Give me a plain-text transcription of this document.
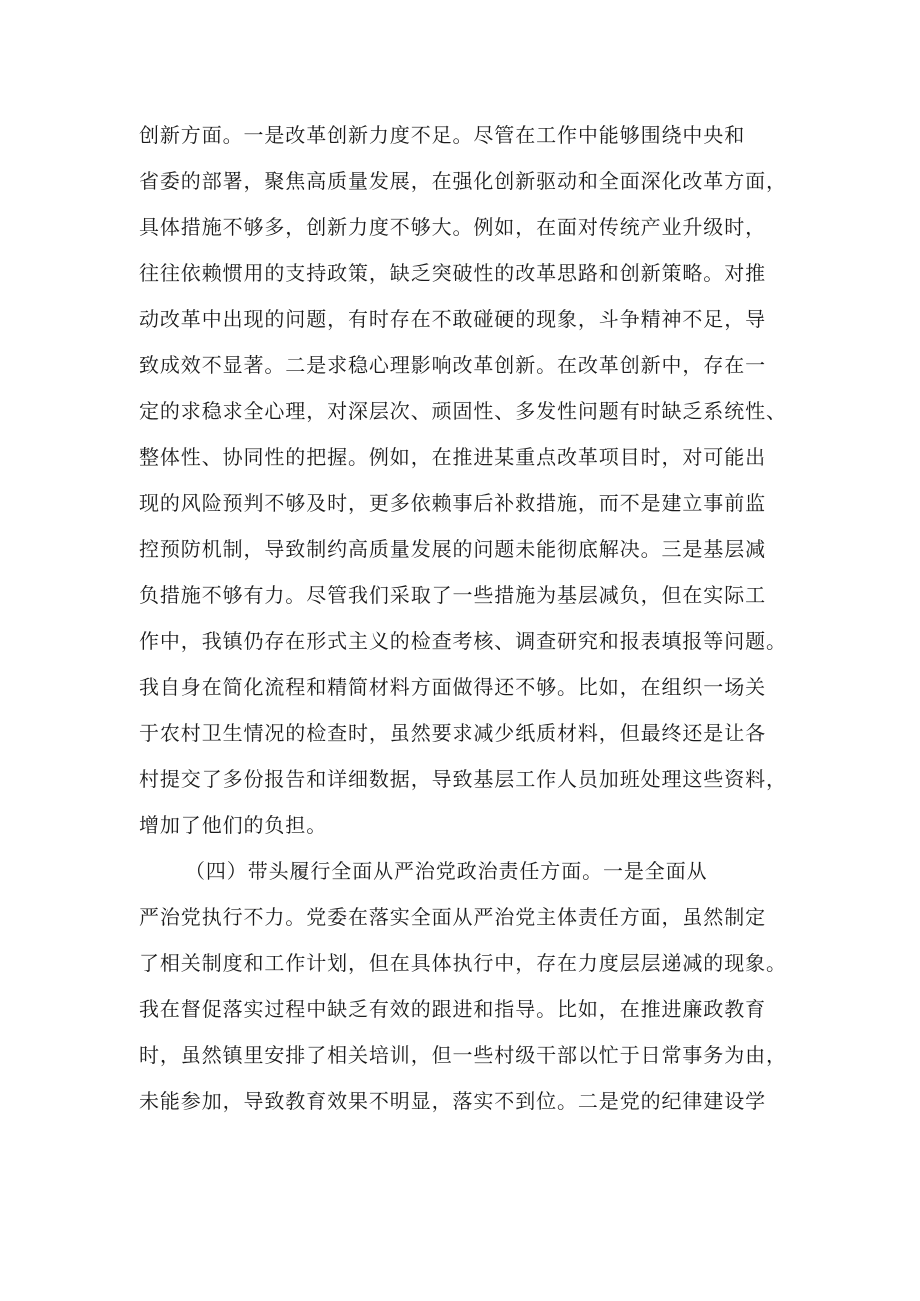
创新方面。一是改革创新力度不足。尽管在工作中能够围绕中央和
省委的部署，聚焦高质量发展，在强化创新驱动和全面深化改革方面，
具体措施不够多，创新力度不够大。例如，在面对传统产业升级时，
往往依赖惯用的支持政策，缺乏突破性的改革思路和创新策略。对推
动改革中出现的问题，有时存在不敢碰硬的现象，斗争精神不足，导
致成效不显著。二是求稳心理影响改革创新。在改革创新中，存在一
定的求稳求全心理，对深层次、顽固性、多发性问题有时缺乏系统性、
整体性、协同性的把握。例如，在推进某重点改革项目时，对可能出
现的风险预判不够及时，更多依赖事后补救措施，而不是建立事前监
控预防机制，导致制约高质量发展的问题未能彻底解决。三是基层减
负措施不够有力。尽管我们采取了一些措施为基层减负，但在实际工
作中，我镇仍存在形式主义的检查考核、调查研究和报表填报等问题。
我自身在简化流程和精简材料方面做得还不够。比如，在组织一场关
于农村卫生情况的检查时，虽然要求减少纸质材料，但最终还是让各
村提交了多份报告和详细数据，导致基层工作人员加班处理这些资料，
增加了他们的负担。
（四）带头履行全面从严治党政治责任方面。一是全面从
严治党执行不力。党委在落实全面从严治党主体责任方面，虽然制定
了相关制度和工作计划，但在具体执行中，存在力度层层递减的现象。
我在督促落实过程中缺乏有效的跟进和指导。比如，在推进廉政教育
时，虽然镇里安排了相关培训，但一些村级干部以忙于日常事务为由，
未能参加，导致教育效果不明显，落实不到位。二是党的纪律建设学
